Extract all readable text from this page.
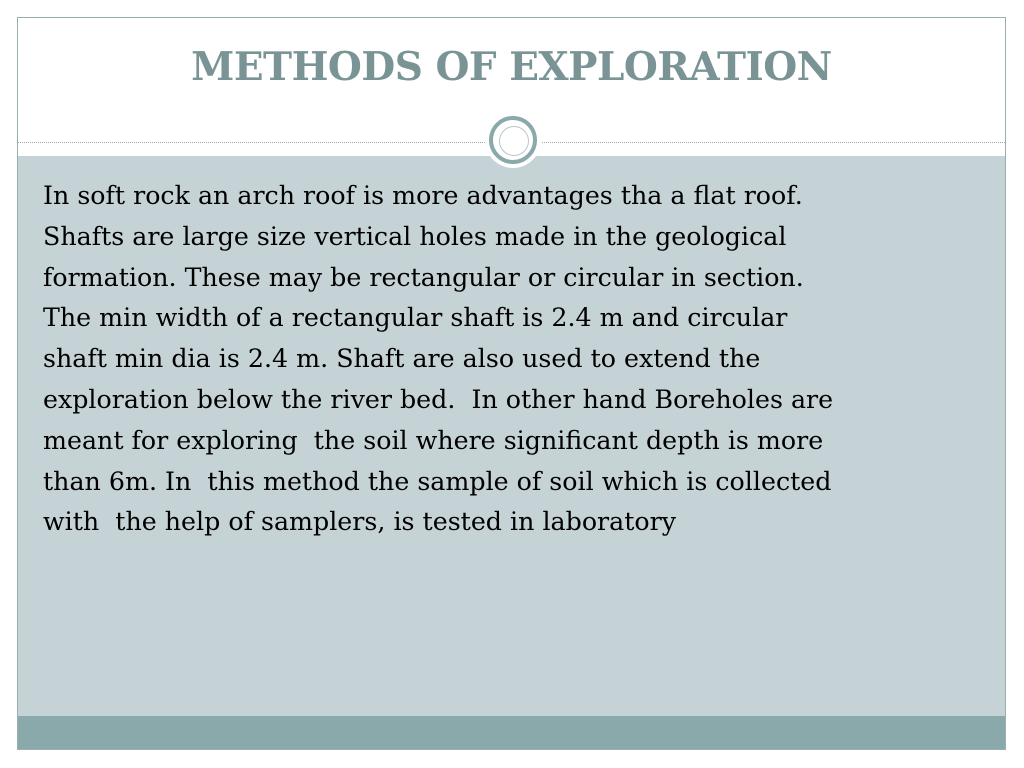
METHODS OF EXPLORATION

In soft rock an arch roof is more advantages tha a flat roof.
Shafts are large size vertical holes made in the geological
formation. These may be rectangular or circular in section.
The min width of a rectangular shaft is 2.4 m and circular
shaft min dia is 2.4 m. Shaft are also used to extend the
exploration below the river bed.  In other hand Boreholes are
meant for exploring  the soil where significant depth is more
than 6m. In  this method the sample of soil which is collected
with  the help of samplers, is tested in laboratory
